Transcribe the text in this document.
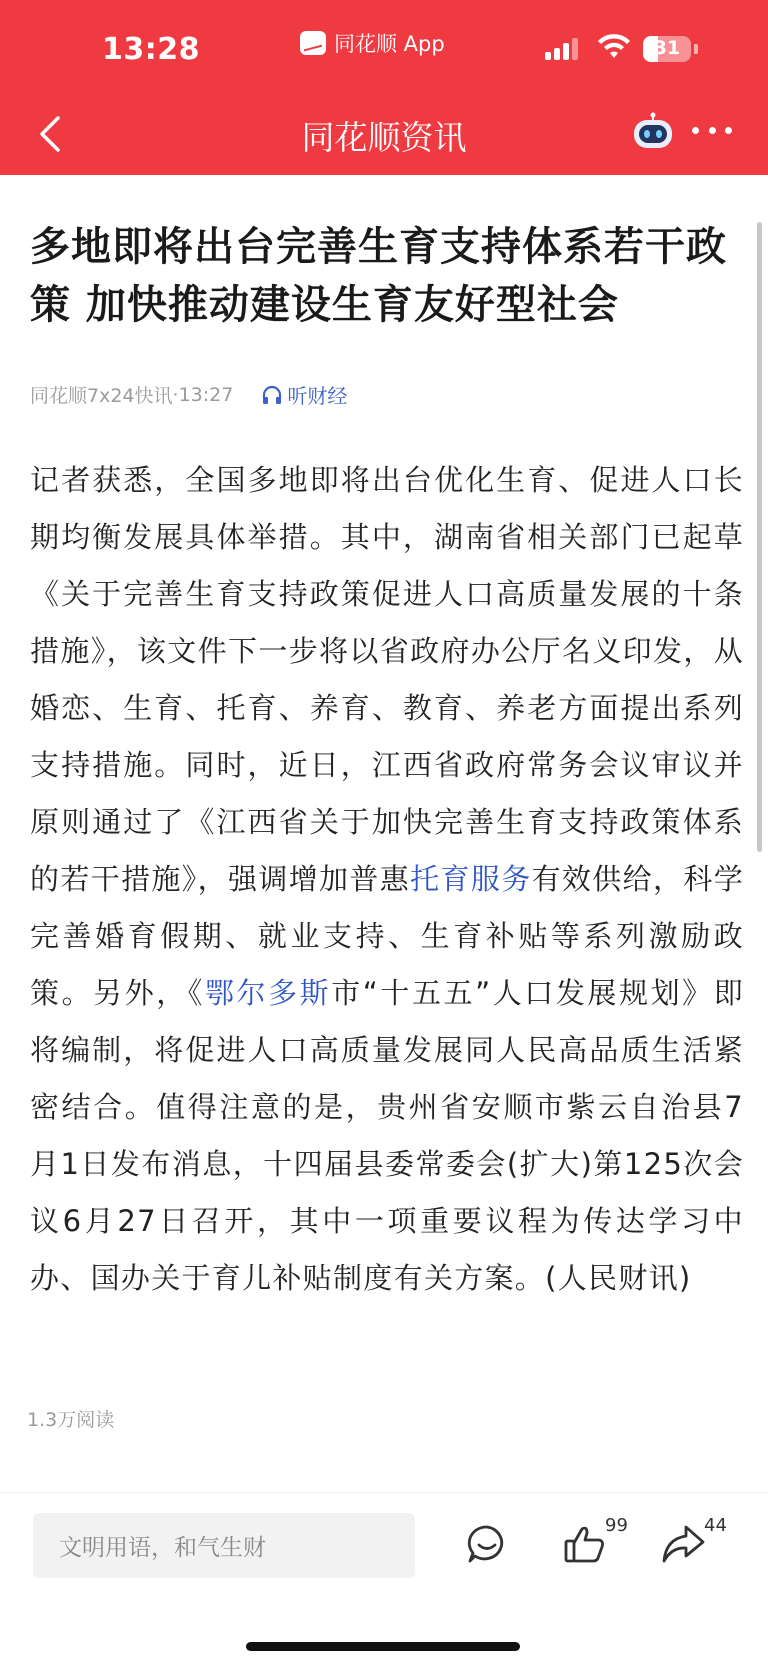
13:28	同花顺 App	31
同花顺资讯
多地即将出台完善生育支持体系若干政策 加快推动建设生育友好型社会
同花顺7x24快讯 · 13:27	听财经
记者获悉，全国多地即将出台优化生育、促进人口长期均衡发展具体举措。其中，湖南省相关部门已起草《关于完善生育支持政策促进人口高质量发展的十条措施》，该文件下一步将以省政府办公厅名义印发，从婚恋、生育、托育、养育、教育、养老方面提出系列支持措施。同时，近日，江西省政府常务会议审议并原则通过了《江西省关于加快完善生育支持政策体系的若干措施》，强调增加普惠托育服务有效供给，科学完善婚育假期、就业支持、生育补贴等系列激励政策。另外，《鄂尔多斯市“十五五”人口发展规划》即将编制，将促进人口高质量发展同人民高品质生活紧密结合。值得注意的是，贵州省安顺市紫云自治县7月1日发布消息，十四届县委常委会(扩大)第125次会议6月27日召开，其中一项重要议程为传达学习中办、国办关于育儿补贴制度有关方案。(人民财讯)
1.3万阅读
文明用语，和气生财
99	44
